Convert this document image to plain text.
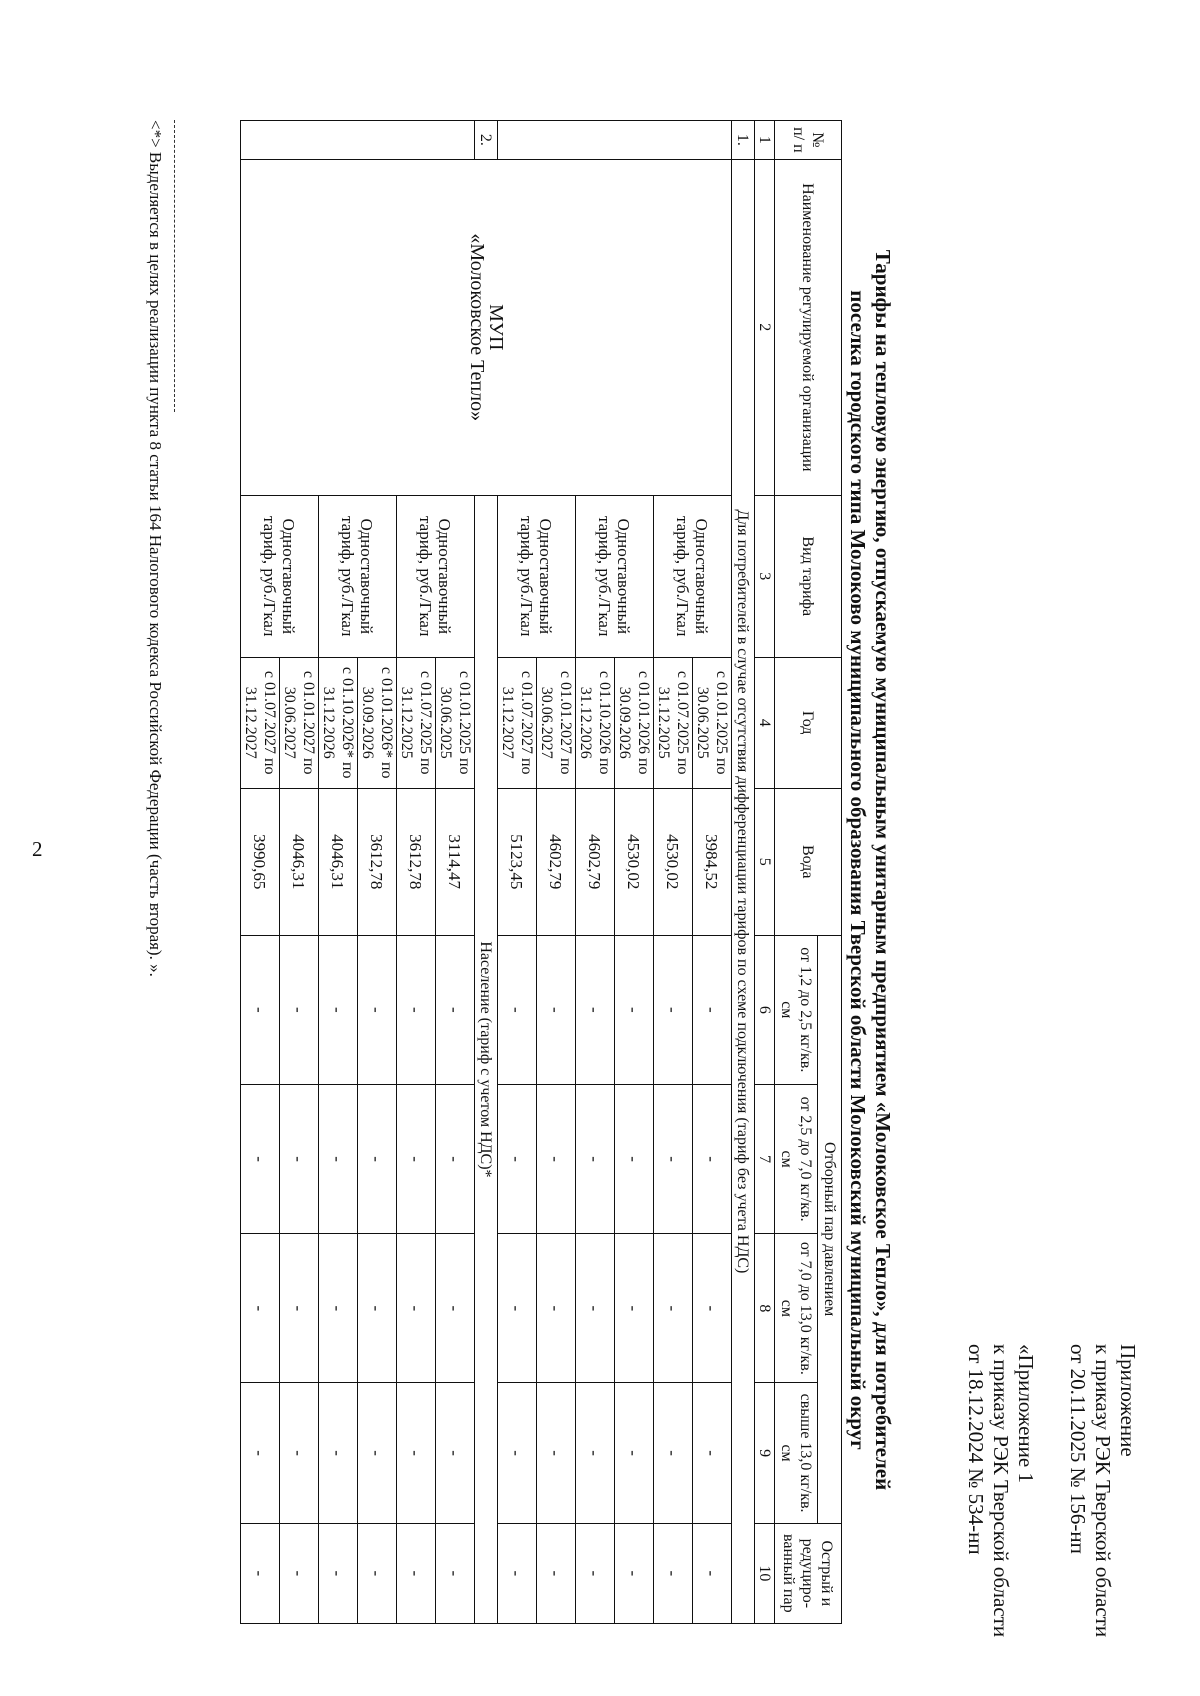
2
Приложение
к приказу РЭК Тверской области
от 20.11.2025 № 156-нп
«Приложение 1
к приказу РЭК Тверской области
от 18.12.2024 № 534-нп
Тарифы на тепловую энергию, отпускаемую муниципальным унитарным предприятием «Молоковское Тепло», для потребителей
поселка городского типа Молоково муниципального образования Тверской области Молоковский муниципальный округ
№ п/ п	Наименование регулируемой организации	Вид тарифа	Год	Вода	Отборный пар давлением				Острый и редуциро-ванный пар
					от 1,2 до 2,5 кг/кв. см	от 2,5 до 7,0 кг/кв. см	от 7,0 до 13,0 кг/кв. см	свыше 13,0 кг/кв. см	
1	2	3	4	5	6	7	8	9	10
1.	Для потребителей в случае отсутствия дифференциации тарифов по схеме подключения (тариф без учета НДС)								

	МУП
«Молоковское Тепло»	Одноставочный тариф, руб./Гкал	с 01.01.2025 по 30.06.2025	3984,52	-	-	-	-	-
			с 01.07.2025 по 31.12.2025	4530,02	-	-	-	-	-
		Одноставочный тариф, руб./Гкал	с 01.01.2026 по 30.09.2026	4530,02	-	-	-	-	-
			с 01.10.2026 по 31.12.2026	4602,79	-	-	-	-	-
		Одноставочный тариф, руб./Гкал	с 01.01.2027 по 30.06.2027	4602,79	-	-	-	-	-
			с 01.07.2027 по 31.12.2027	5123,45	-	-	-	-	-
2.		Население (тариф с учетом НДС)*							
		Одноставочный тариф, руб./Гкал	с 01.01.2025 по 30.06.2025	3114,47	-	-	-	-	-
			с 01.07.2025 по 31.12.2025	3612,78	-	-	-	-	-
		Одноставочный тариф, руб./Гкал	с 01.01.2026* по 30.09.2026	3612,78	-	-	-	-	-
			с 01.10.2026* по 31.12.2026	4046,31	-	-	-	-	-
		Одноставочный тариф, руб./Гкал	с 01.01.2027 по 30.06.2027	4046,31	-	-	-	-	-
			с 01.07.2027 по 31.12.2027	3990,65	-	-	-	-	-
<*> Выделяется в целях реализации пункта 8 статьи 164 Налогового кодекса Российской Федерации (часть вторая). ».
